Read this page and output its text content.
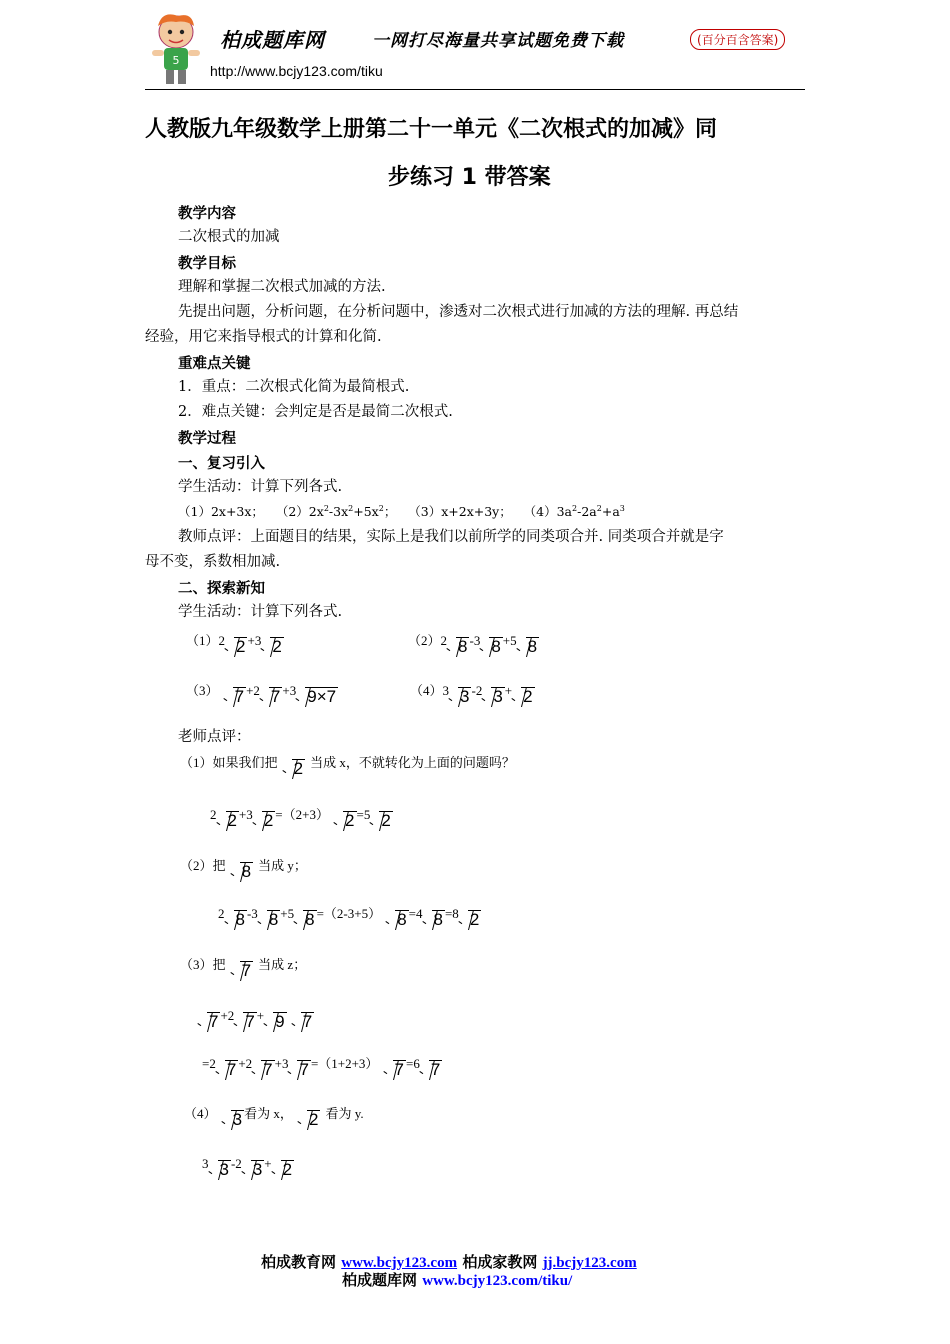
5
柏成题库网	一网打尽海量共享试题免费下载	(百分百含答案)
http://www.bcjy123.com/tiku
人教版九年级数学上册第二十一单元《二次根式的加减》同
步练习 1 带答案
教学内容
二次根式的加减
教学目标
理解和掌握二次根式加减的方法.
先提出问题，分析问题，在分析问题中，渗透对二次根式进行加减的方法的理解. 再总结
经验，用它来指导根式的计算和化简.
重难点关键
1．重点：二次根式化简为最简根式.
2．难点关键：会判定是否是最简二次根式.
教学过程
一、复习引入
学生活动：计算下列各式.
（1）2x+3x； $(2)2x^2-3x^2+5x^2$； （3）x+2x+3y； $(4)3a^2-2a^2+a^3$
教师点评：上面题目的结果，实际上是我们以前所学的同类项合并. 同类项合并就是字
母不变，系数相加减.
二、探索新知
学生活动：计算下列各式.
（1）2 2 +3 2	（2）2 8 -3 8 +5 8
（3） 7 +2 7 +3 9×7	（4）3 3 -2 3 + 2
老师点评：
（1）如果我们把 2 当成 x，不就转化为上面的问题吗？
2 2 +3 2 =（2+3） 2 =5 2
（2）把 8 当成 y；
2 8 -3 8 +5 8 =（2-3+5） 8 =4 8 =8 2
（3）把 7 当成 z；
7 +2 7 + 9 7
=2 7 +2 7 +3 7 =（1+2+3） 7 =6 7
（4） 3 看为 x， 2 看为 y.
3 3 -2 3 + 2
柏成教育网 www.bcjy123.com 柏成家教网 jj.bcjy123.com
柏成题库网 www.bcjy123.com/tiku/
